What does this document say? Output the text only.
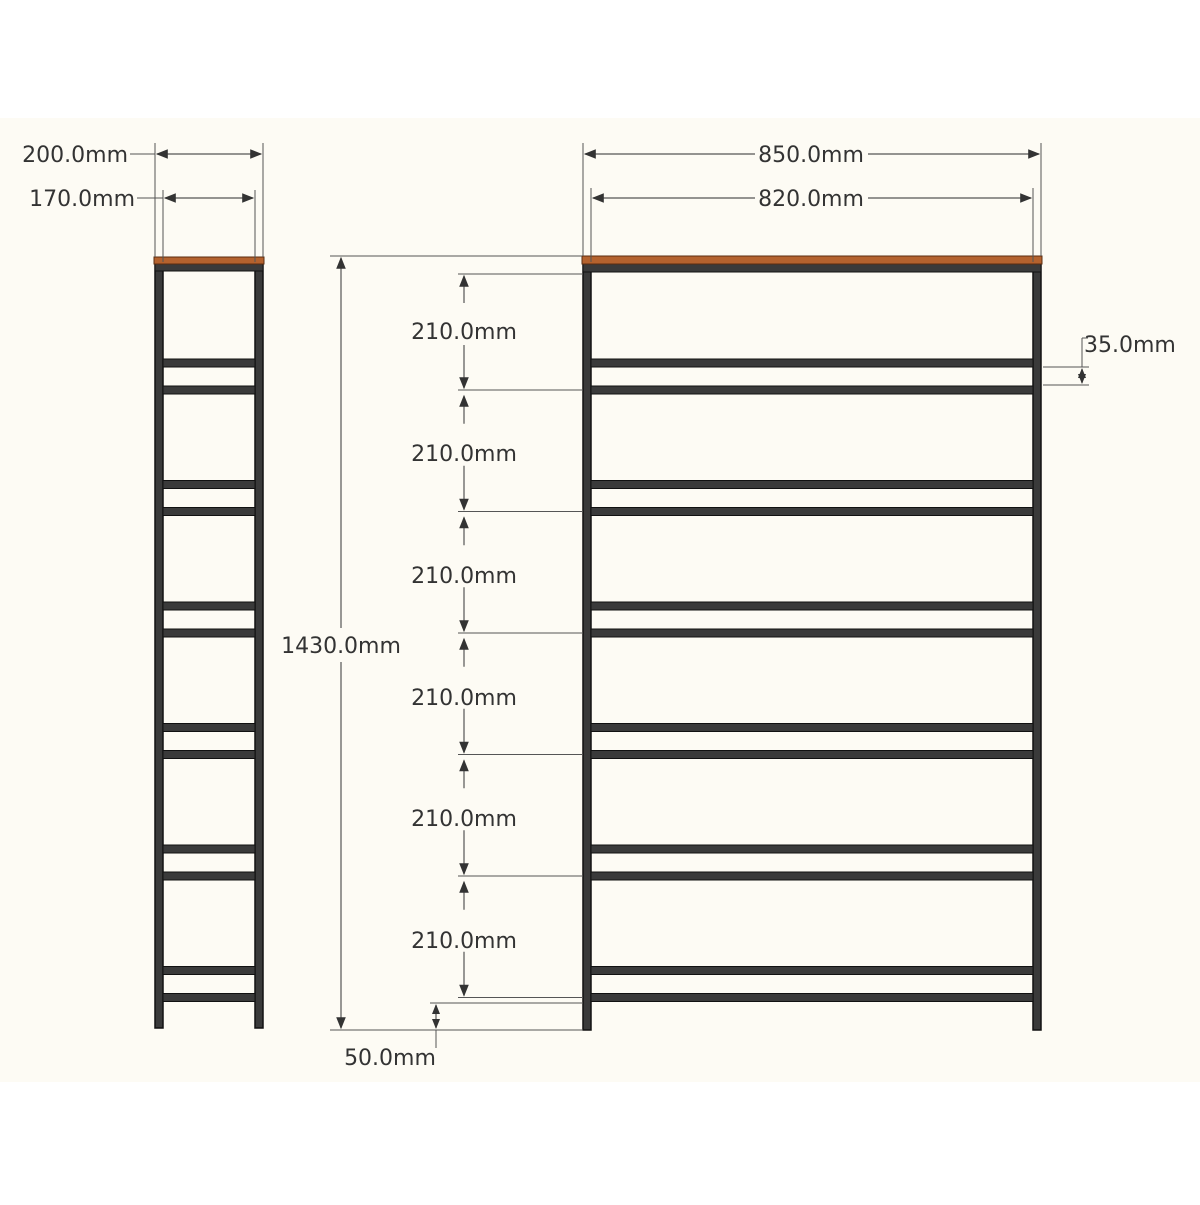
200.0mm
170.0mm
850.0mm
820.0mm
1430.0mm
210.0mm
210.0mm
210.0mm
210.0mm
210.0mm
210.0mm
35.0mm
50.0mm
